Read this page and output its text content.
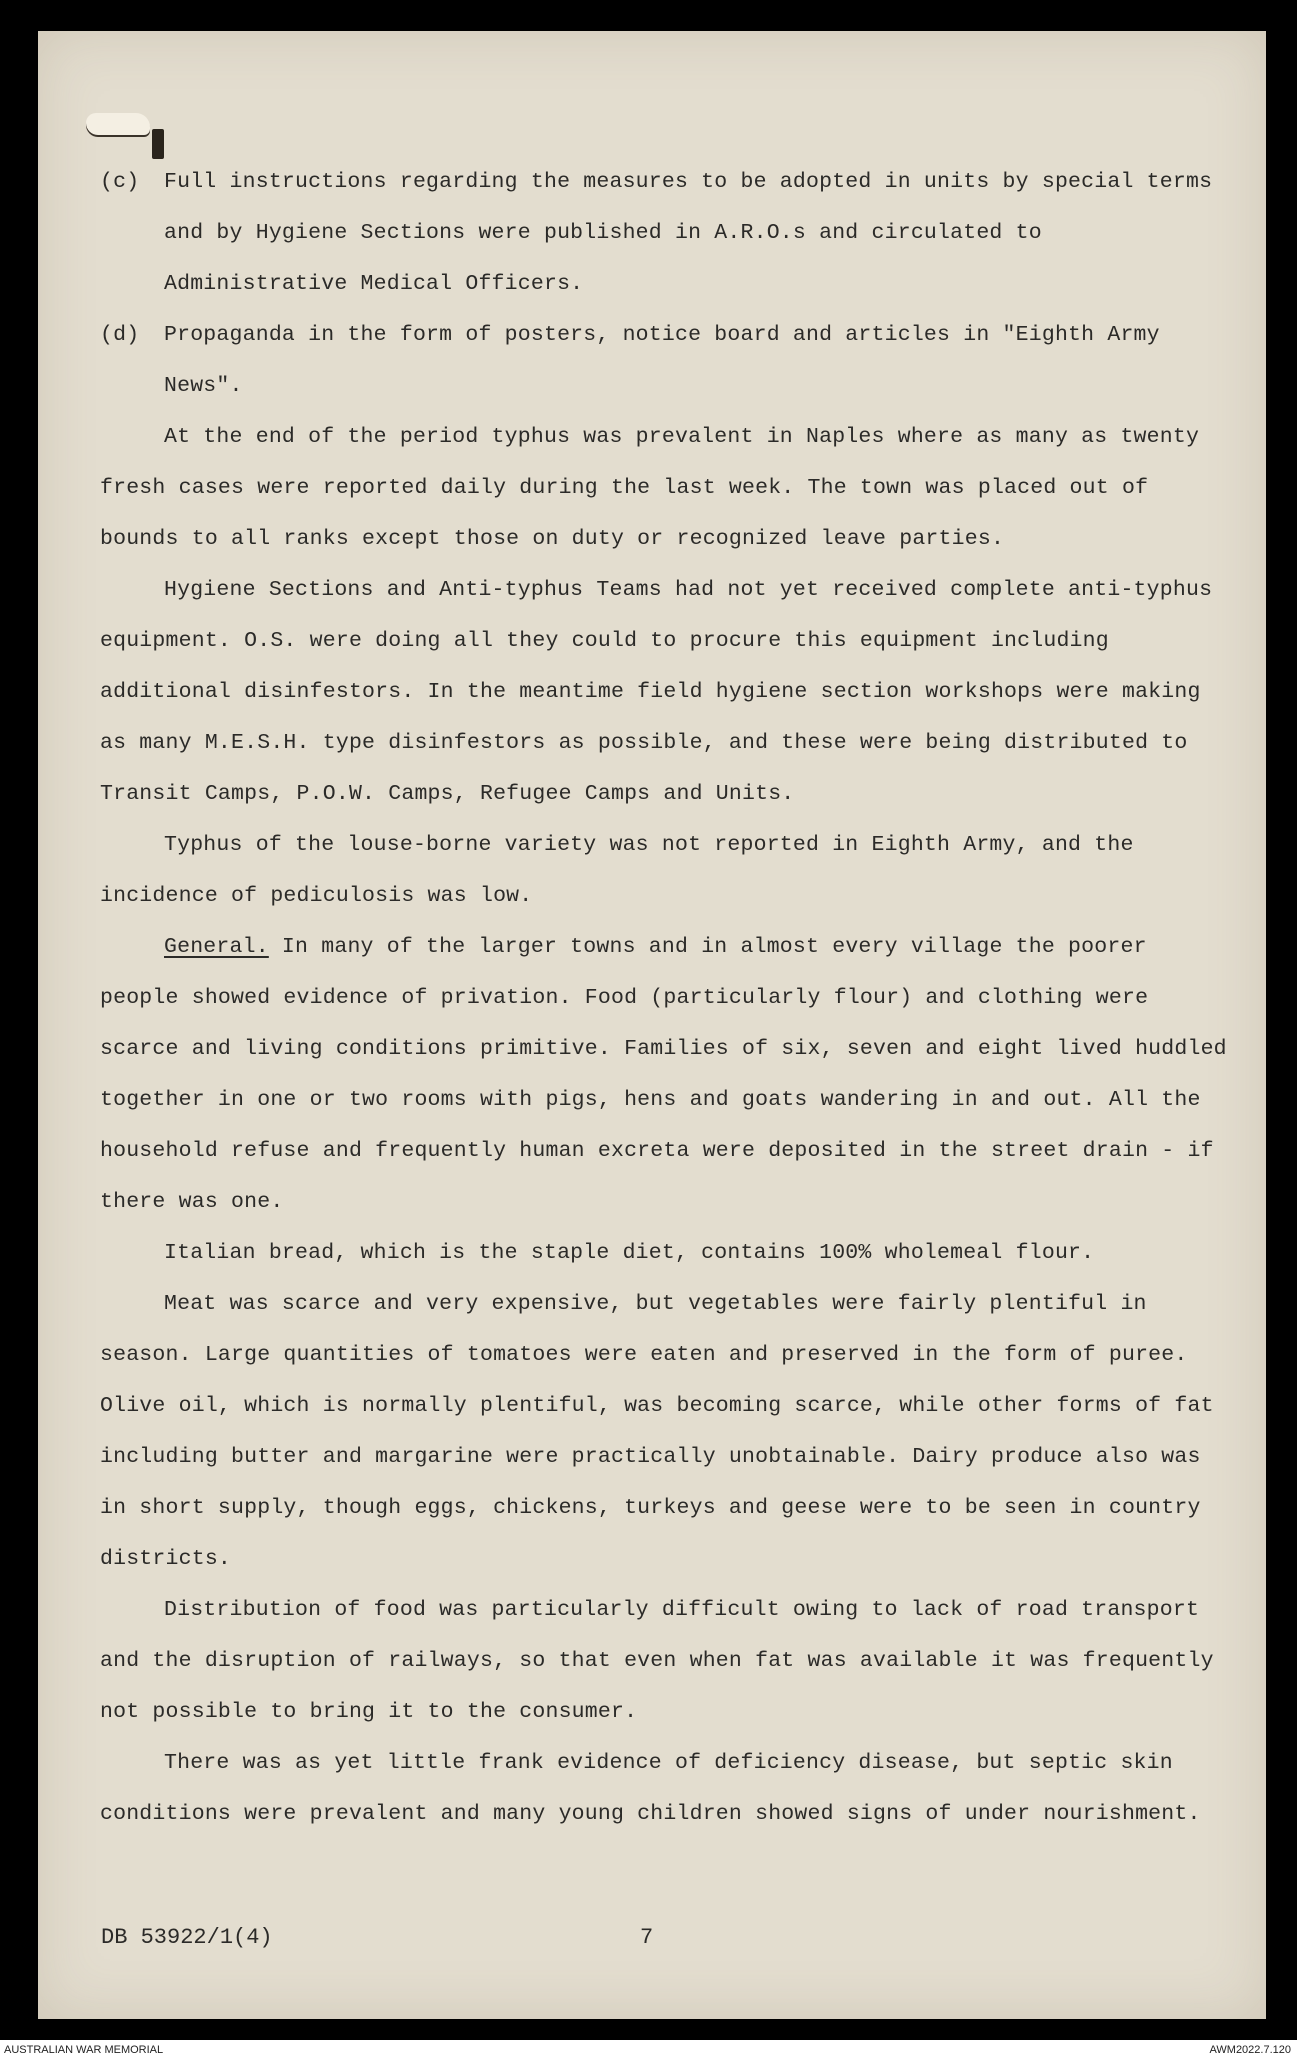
(c)	Full instructions regarding the measures to be adopted in units by special terms and by Hygiene Sections were published in A.R.O.s and circulated to Administrative Medical Officers.

(d)	Propaganda in the form of posters, notice board and articles in "Eighth Army News".

At the end of the period typhus was prevalent in Naples where as many as twenty fresh cases were reported daily during the last week. The town was placed out of bounds to all ranks except those on duty or recognized leave parties.

Hygiene Sections and Anti-typhus Teams had not yet received complete anti-typhus equipment. O.S. were doing all they could to procure this equipment including additional disinfestors. In the meantime field hygiene section workshops were making as many M.E.S.H. type disinfestors as possible, and these were being distributed to Transit Camps, P.O.W. Camps, Refugee Camps and Units.

Typhus of the louse-borne variety was not reported in Eighth Army, and the incidence of pediculosis was low.

General. In many of the larger towns and in almost every village the poorer people showed evidence of privation. Food (particularly flour) and clothing were scarce and living conditions primitive. Families of six, seven and eight lived huddled together in one or two rooms with pigs, hens and goats wandering in and out. All the household refuse and frequently human excreta were deposited in the street drain - if there was one.

Italian bread, which is the staple diet, contains 100% wholemeal flour.

Meat was scarce and very expensive, but vegetables were fairly plentiful in season. Large quantities of tomatoes were eaten and preserved in the form of puree. Olive oil, which is normally plentiful, was becoming scarce, while other forms of fat including butter and margarine were practically unobtainable. Dairy produce also was in short supply, though eggs, chickens, turkeys and geese were to be seen in country districts.

Distribution of food was particularly difficult owing to lack of road transport and the disruption of railways, so that even when fat was available it was frequently not possible to bring it to the consumer.

There was as yet little frank evidence of deficiency disease, but septic skin conditions were prevalent and many young children showed signs of under nourishment.

DB 53922/1(4)	7
AUSTRALIAN WAR MEMORIAL	AWM2022.7.120
